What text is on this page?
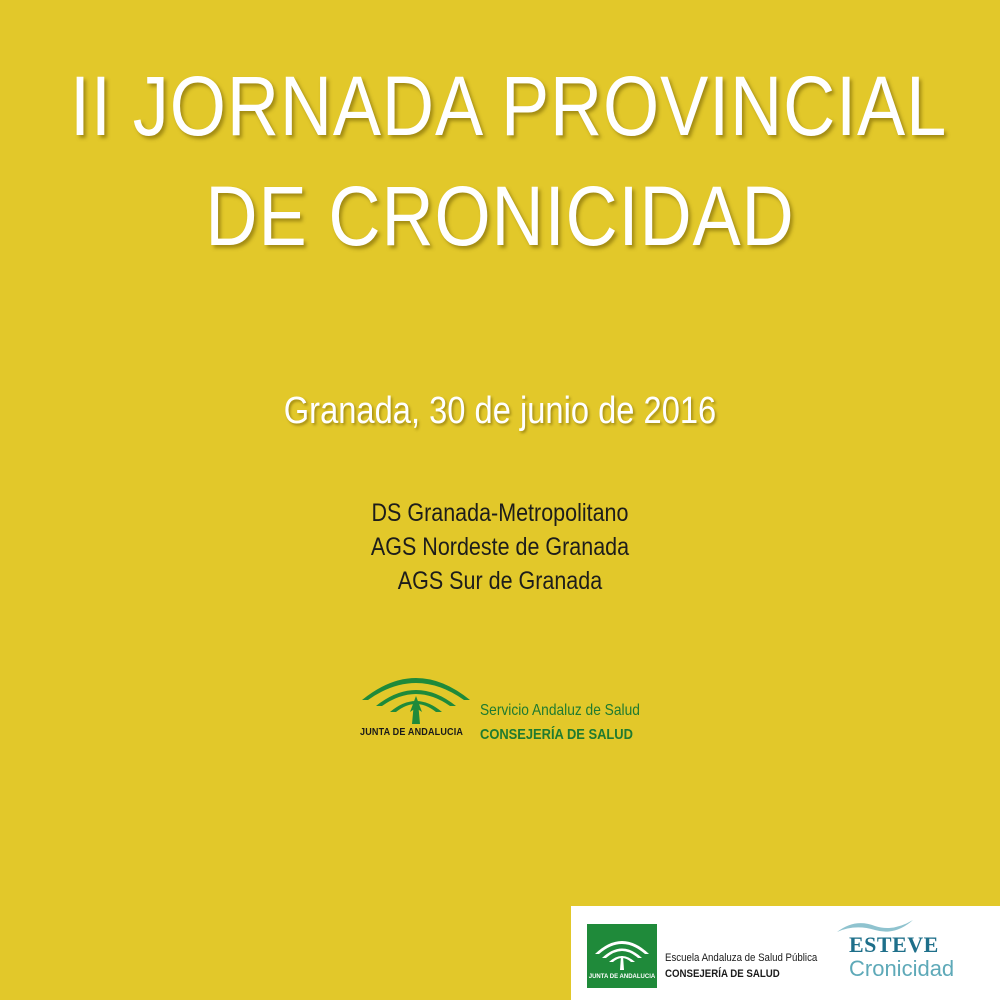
II JORNADA PROVINCIAL
DE CRONICIDAD
Granada, 30 de junio de 2016
DS Granada-Metropolitano
AGS Nordeste de Granada
AGS Sur de Granada
JUNTA DE ANDALUCIA
Servicio Andaluz de Salud
CONSEJERÍA DE SALUD
JUNTA DE ANDALUCIA
Escuela Andaluza de Salud Pública
CONSEJERÍA DE SALUD
ESTEVE
Cronicidad
